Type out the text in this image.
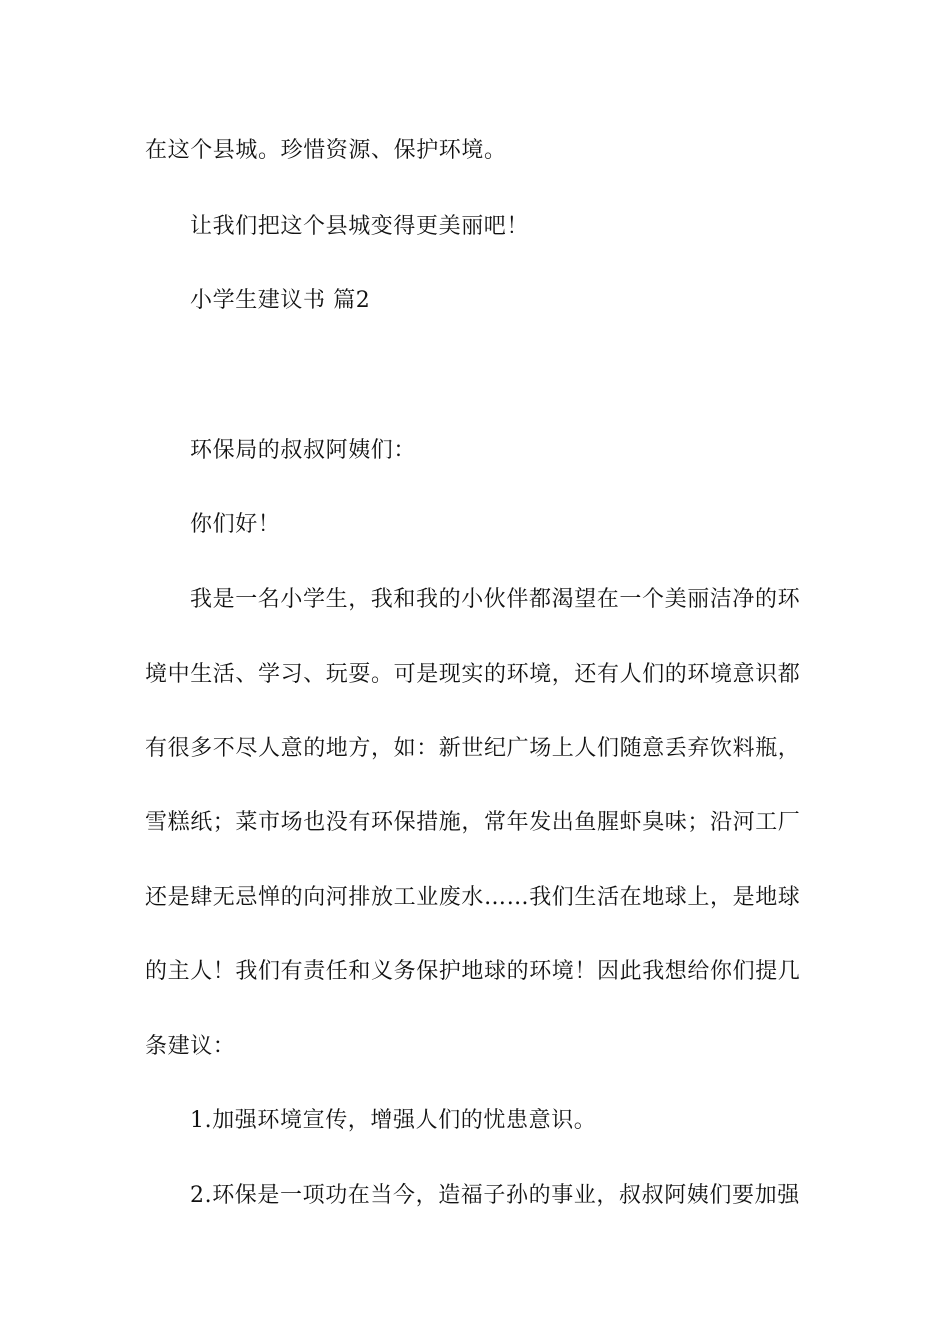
在这个县城。珍惜资源、保护环境。
让我们把这个县城变得更美丽吧！
小学生建议书 篇2
环保局的叔叔阿姨们：
你们好！
我是一名小学生，我和我的小伙伴都渴望在一个美丽洁净的环
境中生活、学习、玩耍。可是现实的环境，还有人们的环境意识都
有很多不尽人意的地方，如：新世纪广场上人们随意丢弃饮料瓶，
雪糕纸；菜市场也没有环保措施，常年发出鱼腥虾臭味；沿河工厂
还是肆无忌惮的向河排放工业废水……我们生活在地球上，是地球
的主人！我们有责任和义务保护地球的环境！因此我想给你们提几
条建议：
1.加强环境宣传，增强人们的忧患意识。
2.环保是一项功在当今，造福子孙的事业，叔叔阿姨们要加强
